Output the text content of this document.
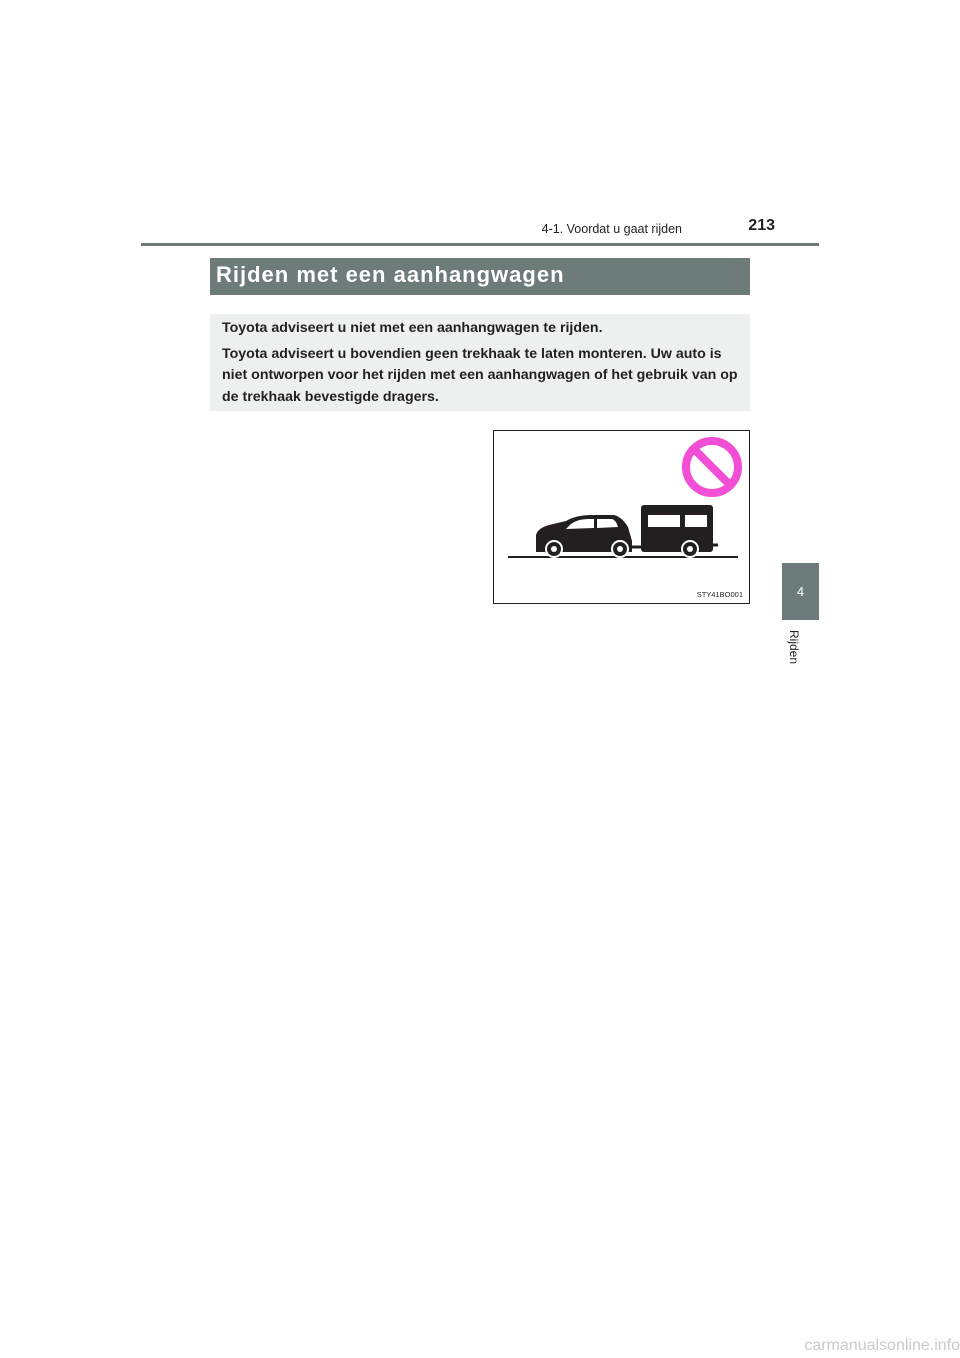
4-1. Voordat u gaat rijden	213
4
Rijden
Rijden met een aanhangwagen

Toyota adviseert u niet met een aanhangwagen te rijden.

Toyota adviseert u bovendien geen trekhaak te laten monteren. Uw auto is niet ontworpen voor het rijden met een aanhangwagen of het gebruik van op de trekhaak bevestigde dragers.

STY41BO001
carmanualsonline.info
